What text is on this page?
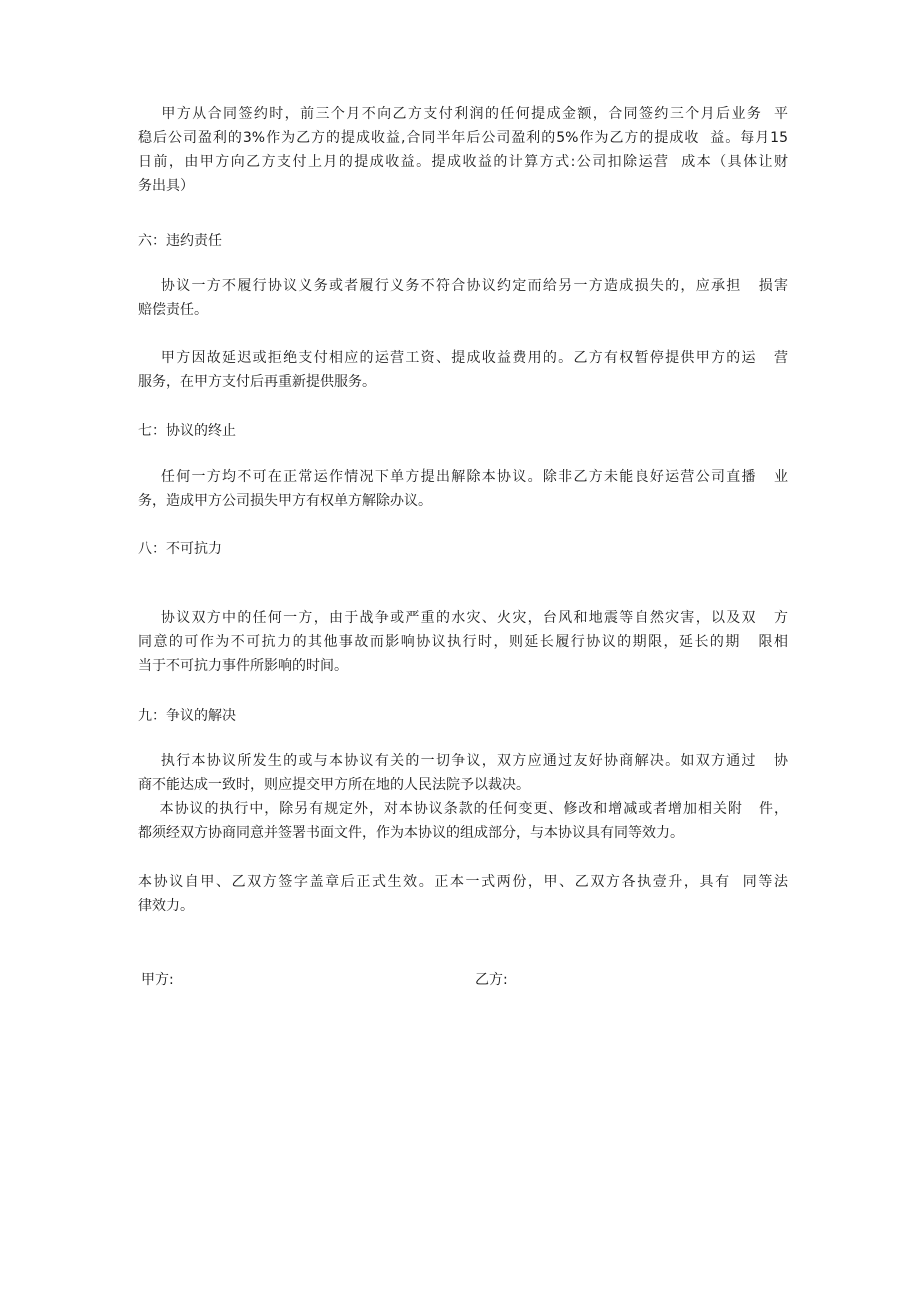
甲方从合同签约时，前三个月不向乙方支付利润的任何提成金额，合同签约三个月后业务  平
稳后公司盈利的3%作为乙方的提成收益,合同半年后公司盈利的5%作为乙方的提成收  益。每月15
日前，由甲方向乙方支付上月的提成收益。提成收益的计算方式:公司扣除运营  成本（具体让财
务出具）
六：违约责任
协议一方不履行协议义务或者履行义务不符合协议约定而给另一方造成损失的，应承担   损害
赔偿责任。
甲方因故延迟或拒绝支付相应的运营工资、提成收益费用的。乙方有权暂停提供甲方的运   营
服务，在甲方支付后再重新提供服务。
七：协议的终止
任何一方均不可在正常运作情况下单方提出解除本协议。除非乙方未能良好运营公司直播   业
务，造成甲方公司损失甲方有权单方解除办议。
八：不可抗力
协议双方中的任何一方，由于战争或严重的水灾、火灾，台风和地震等自然灾害，以及双   方
同意的可作为不可抗力的其他事故而影响协议执行时，则延长履行协议的期限，延长的期   限相
当于不可抗力事件所影响的时间。
九：争议的解决
执行本协议所发生的或与本协议有关的一切争议，双方应通过友好协商解决。如双方通过   协
商不能达成一致时，则应提交甲方所在地的人民法院予以裁决。
本协议的执行中，除另有规定外，对本协议条款的任何变更、修改和增减或者增加相关附   件，
都须经双方协商同意并签署书面文件，作为本协议的组成部分，与本协议具有同等效力。
本协议自甲、乙双方签字盖章后正式生效。正本一式两份，甲、乙双方各执壹升，具有  同等法
律效力。
甲方:	乙方:
